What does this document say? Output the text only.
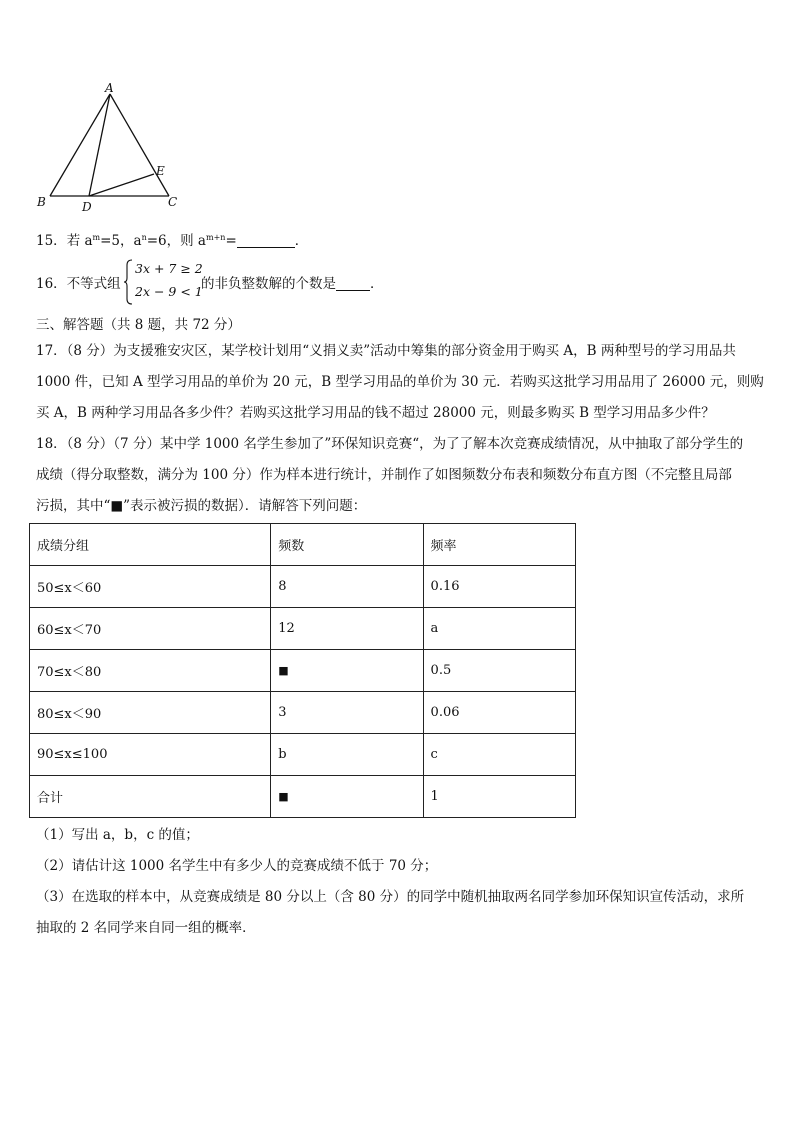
A
B	C
D
E
15．若 $a^m=5$，$a^n=6$，则 $a^{m+n}=$	．
16．不等式组
3x + 7 ≥ 2
2x − 9 < 1
的非负整数解的个数是	．
三、解答题（共 8 题，共 72 分）

17．（8 分）为支援雅安灾区，某学校计划用“义捐义卖”活动中筹集的部分资金用于购买 A，B 两种型号的学习用品共

1000 件，已知 A 型学习用品的单价为 20 元，B 型学习用品的单价为 30 元．若购买这批学习用品用了 26000 元，则购

买 A，B 两种学习用品各多少件？若购买这批学习用品的钱不超过 28000 元，则最多购买 B 型学习用品多少件？

18．（8 分）（7 分）某中学 1000 名学生参加了”环保知识竞赛“，为了了解本次竞赛成绩情况，从中抽取了部分学生的

成绩（得分取整数，满分为 100 分）作为样本进行统计，并制作了如图频数分布表和频数分布直方图（不完整且局部

污损，其中“■”表示被污损的数据）．请解答下列问题：

成绩分组	频数	频率
50≤x＜60	8	0.16
60≤x＜70	12	a
70≤x＜80	■	0.5
80≤x＜90	3	0.06
90≤x≤100	b	c
合计	■	1

（1）写出 a，b，c 的值；

（2）请估计这 1000 名学生中有多少人的竞赛成绩不低于 70 分；

（3）在选取的样本中，从竞赛成绩是 80 分以上（含 80 分）的同学中随机抽取两名同学参加环保知识宣传活动，求所

抽取的 2 名同学来自同一组的概率．
